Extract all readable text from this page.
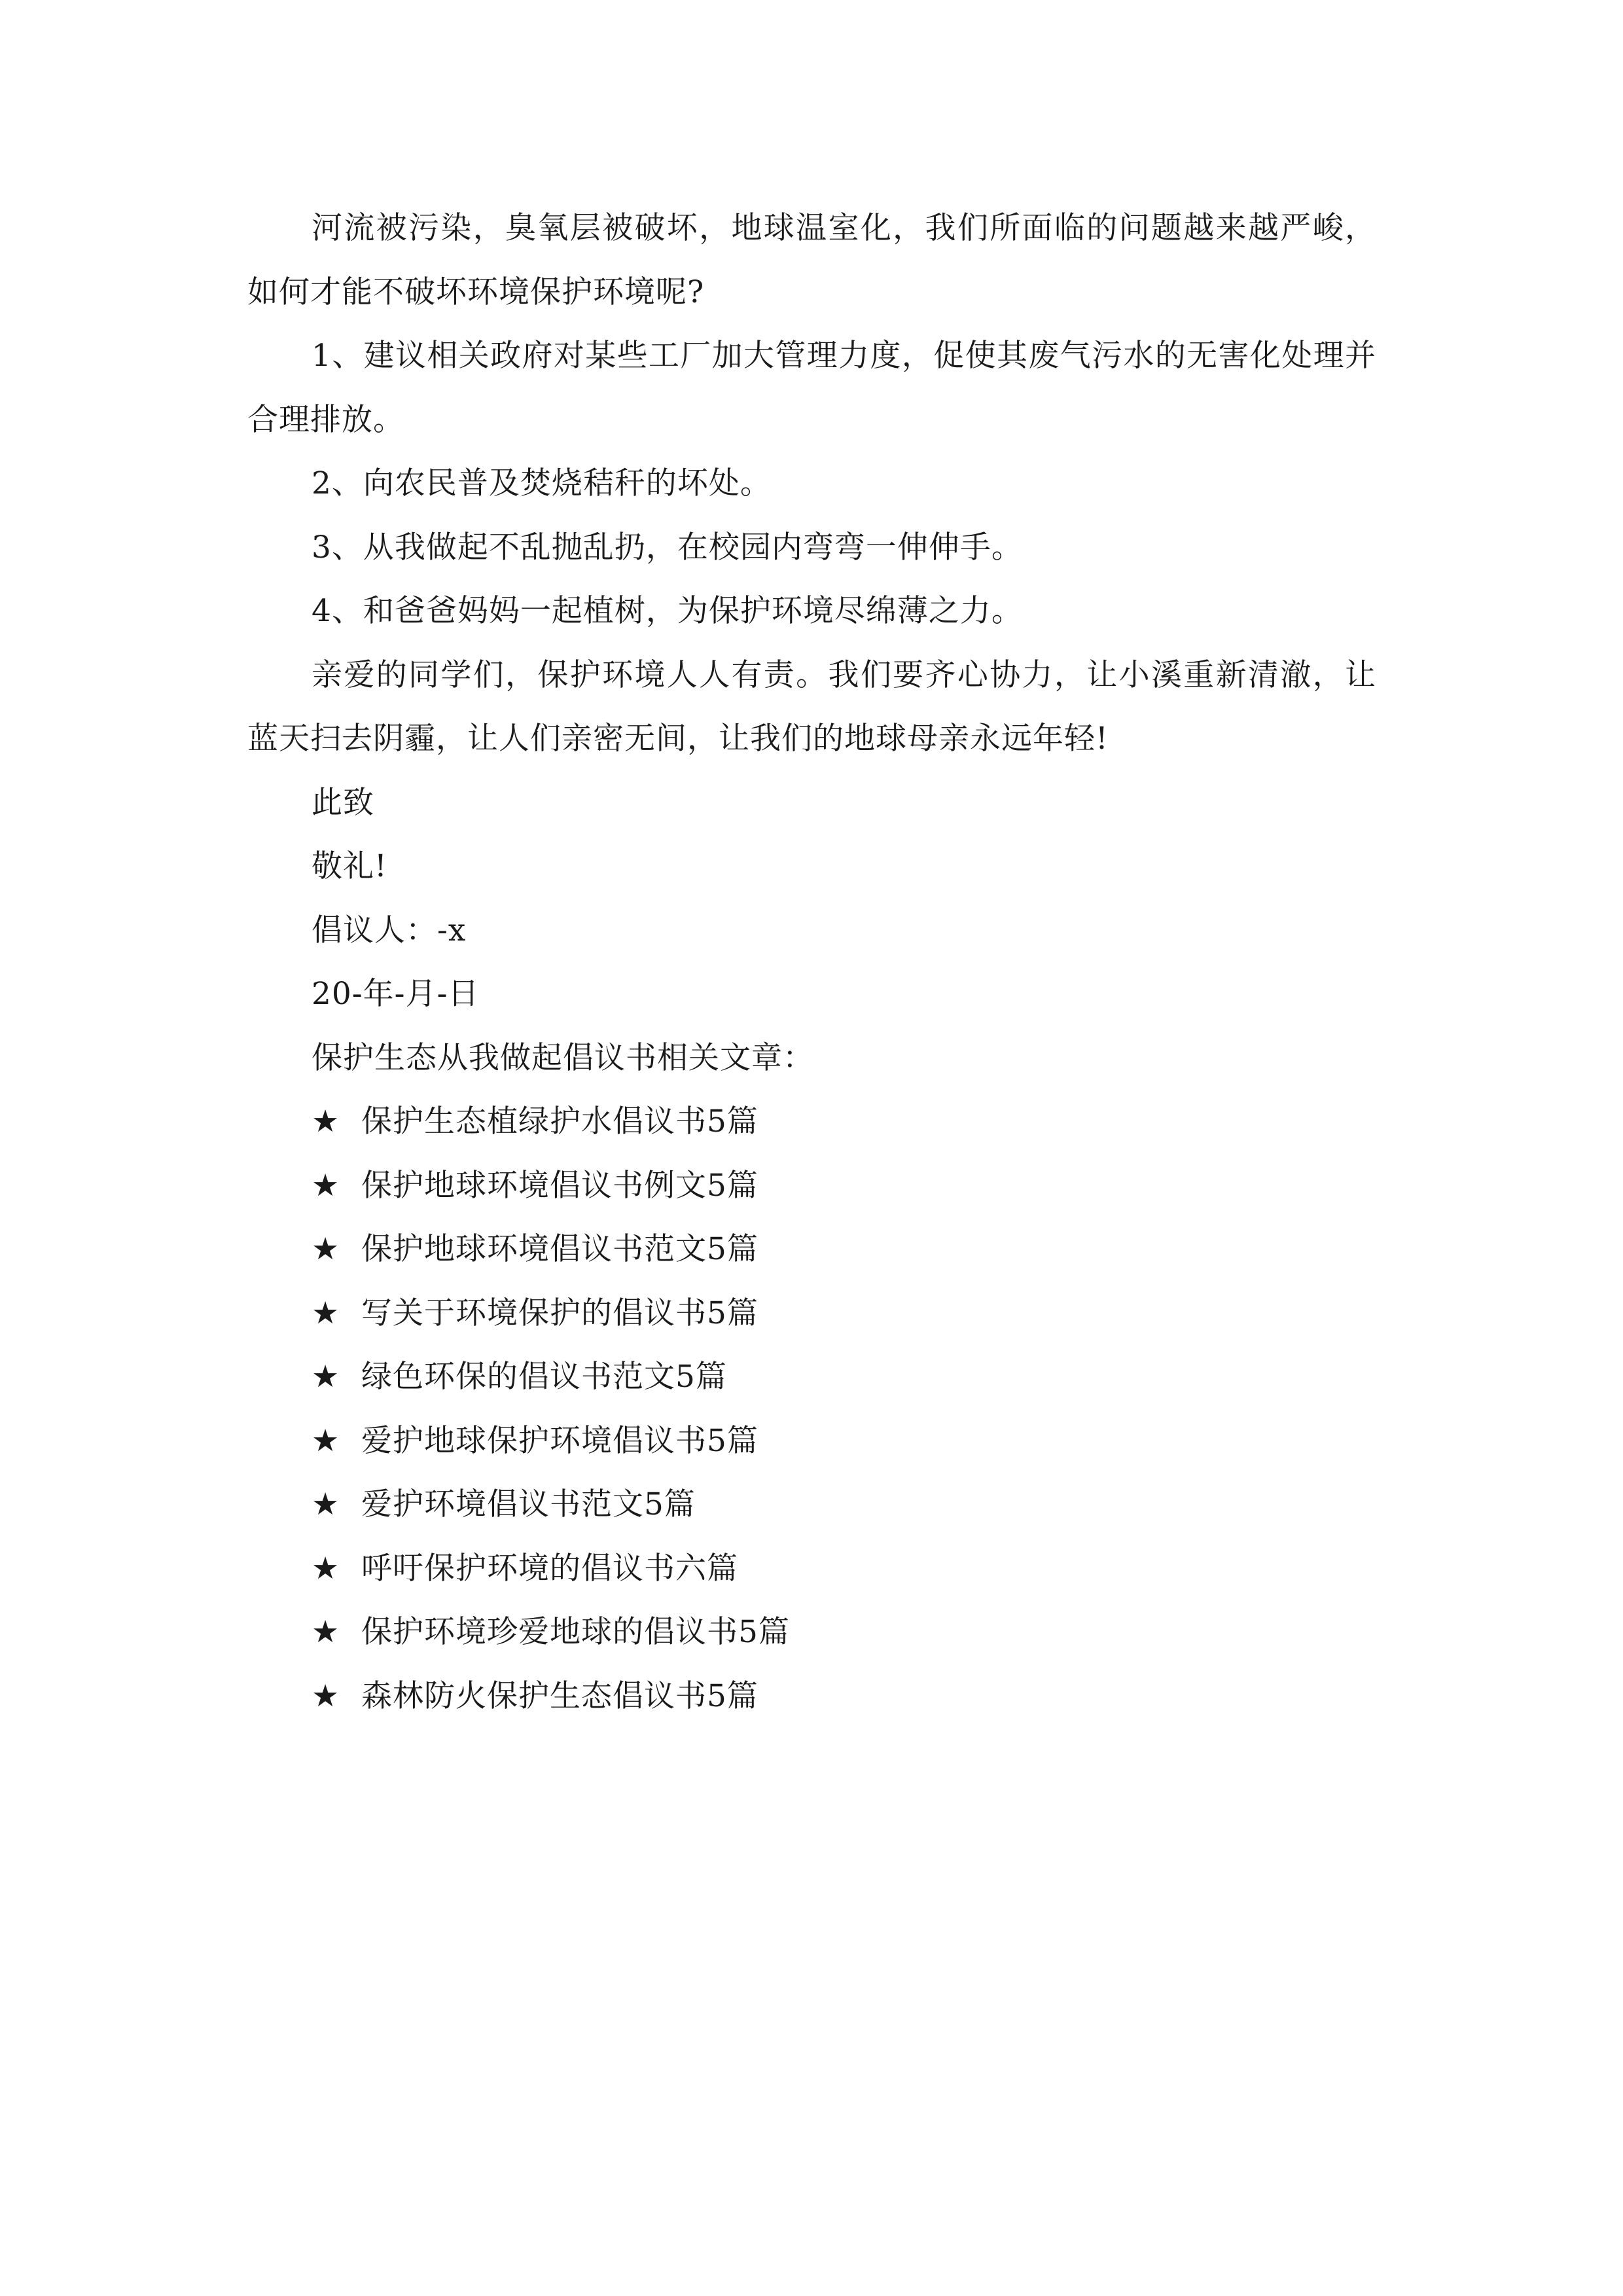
河流被污染，臭氧层被破坏，地球温室化，我们所面临的问题越来越严峻，如何才能不破坏环境保护环境呢?

1、建议相关政府对某些工厂加大管理力度，促使其废气污水的无害化处理并合理排放。

2、向农民普及焚烧秸秆的坏处。

3、从我做起不乱抛乱扔，在校园内弯弯一伸伸手。

4、和爸爸妈妈一起植树，为保护环境尽绵薄之力。

亲爱的同学们，保护环境人人有责。我们要齐心协力，让小溪重新清澈，让蓝天扫去阴霾，让人们亲密无间，让我们的地球母亲永远年轻!

此致

敬礼!

倡议人：-x

20-年-月-日

保护生态从我做起倡议书相关文章：

★ 保护生态植绿护水倡议书5篇
★ 保护地球环境倡议书例文5篇
★ 保护地球环境倡议书范文5篇
★ 写关于环境保护的倡议书5篇
★ 绿色环保的倡议书范文5篇
★ 爱护地球保护环境倡议书5篇
★ 爱护环境倡议书范文5篇
★ 呼吁保护环境的倡议书六篇
★ 保护环境珍爱地球的倡议书5篇
★ 森林防火保护生态倡议书5篇
